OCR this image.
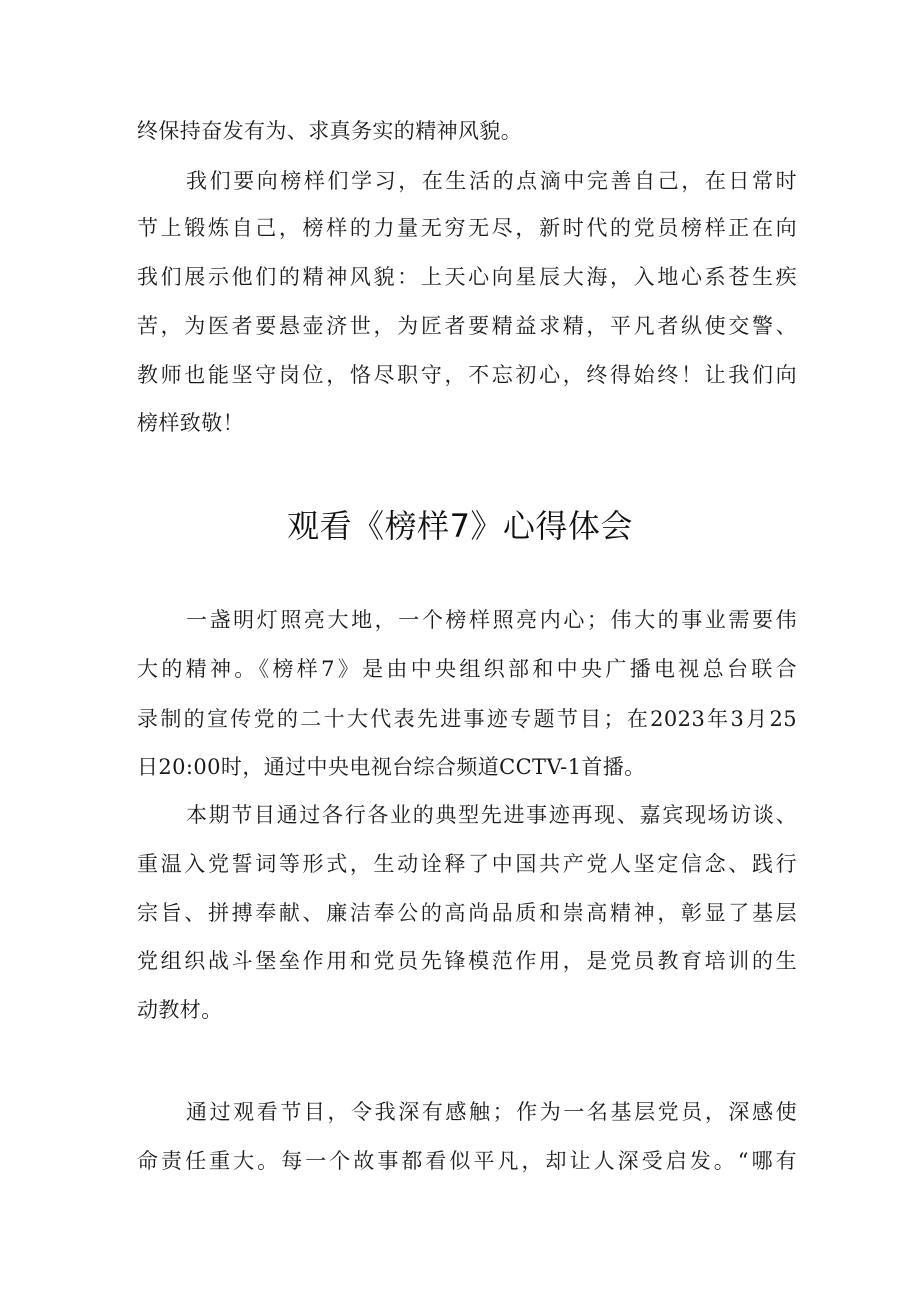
终保持奋发有为、求真务实的精神风貌。
我们要向榜样们学习，在生活的点滴中完善自己，在日常时
节上锻炼自己，榜样的力量无穷无尽，新时代的党员榜样正在向
我们展示他们的精神风貌：上天心向星辰大海，入地心系苍生疾
苦，为医者要悬壶济世，为匠者要精益求精，平凡者纵使交警、
教师也能坚守岗位，恪尽职守，不忘初心，终得始终！让我们向
榜样致敬！
观看《榜样7》心得体会
一盏明灯照亮大地，一个榜样照亮内心；伟大的事业需要伟
大的精神。《榜样7》是由中央组织部和中央广播电视总台联合
录制的宣传党的二十大代表先进事迹专题节目；在2023年3月25
日20:00时，通过中央电视台综合频道CCTV-1首播。
本期节目通过各行各业的典型先进事迹再现、嘉宾现场访谈、
重温入党誓词等形式，生动诠释了中国共产党人坚定信念、践行
宗旨、拼搏奉献、廉洁奉公的高尚品质和崇高精神，彰显了基层
党组织战斗堡垒作用和党员先锋模范作用，是党员教育培训的生
动教材。
通过观看节目，令我深有感触；作为一名基层党员，深感使
命责任重大。每一个故事都看似平凡，却让人深受启发。“哪有
